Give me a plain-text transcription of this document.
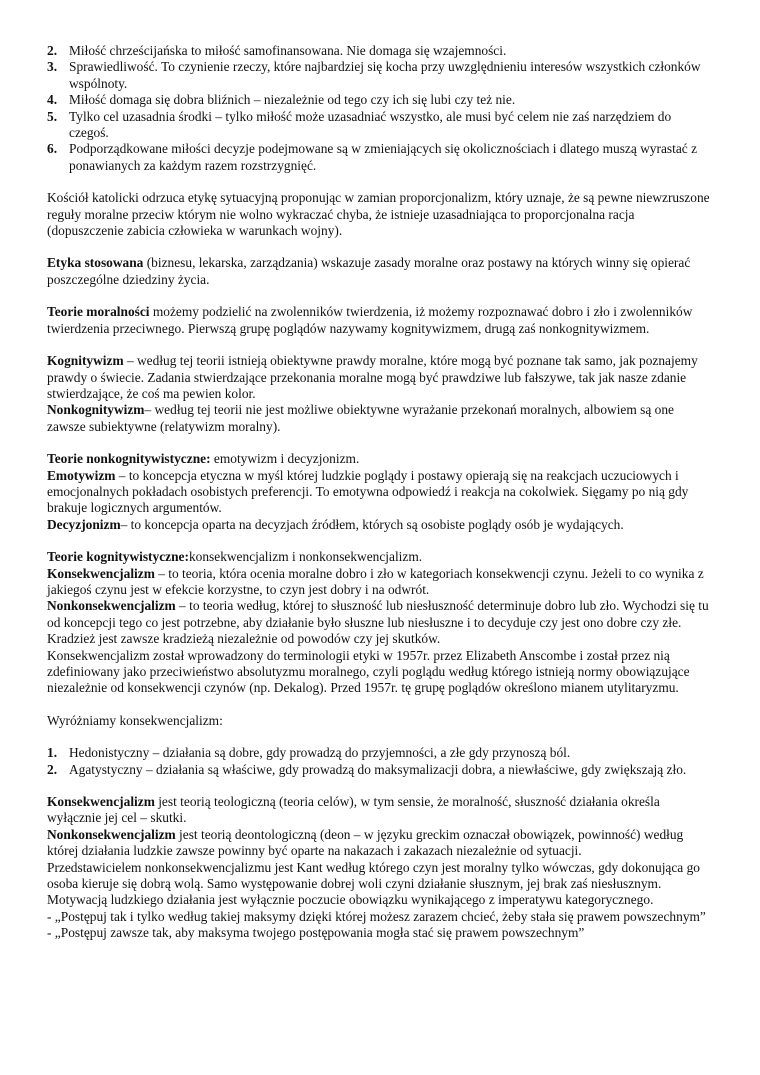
2. Miłość chrześcijańska to miłość samofinansowana. Nie domaga się wzajemności.
3. Sprawiedliwość. To czynienie rzeczy, które najbardziej się kocha przy uwzględnieniu interesów wszystkich członków wspólnoty.
4. Miłość domaga się dobra bliźnich – niezależnie od tego czy ich się lubi czy też nie.
5. Tylko cel uzasadnia środki – tylko miłość może uzasadniać wszystko, ale musi być celem nie zaś narzędziem do czegoś.
6. Podporządkowane miłości decyzje podejmowane są w zmieniających się okolicznościach i dlatego muszą wyrastać z ponawianych za każdym razem rozstrzygnięć.

Kościół katolicki odrzuca etykę sytuacyjną proponując w zamian proporcjonalizm, który uznaje, że są pewne niewzruszone reguły moralne przeciw którym nie wolno wykraczać chyba, że istnieje uzasadniająca to proporcjonalna racja (dopuszczenie zabicia człowieka w warunkach wojny).

Etyka stosowana (biznesu, lekarska, zarządzania) wskazuje zasady moralne oraz postawy na których winny się opierać poszczególne dziedziny życia.

Teorie moralności możemy podzielić na zwolenników twierdzenia, iż możemy rozpoznawać dobro i zło i zwolenników twierdzenia przeciwnego. Pierwszą grupę poglądów nazywamy kognitywizmem, drugą zaś nonkognitywizmem.

Kognitywizm – według tej teorii istnieją obiektywne prawdy moralne, które mogą być poznane tak samo, jak poznajemy prawdy o świecie. Zadania stwierdzające przekonania moralne mogą być prawdziwe lub fałszywe, tak jak nasze zdanie stwierdzające, że coś ma pewien kolor.

Nonkognitywizm– według tej teorii nie jest możliwe obiektywne wyrażanie przekonań moralnych, albowiem są one zawsze subiektywne (relatywizm moralny).

Teorie nonkognitywistyczne: emotywizm i decyzjonizm.

Emotywizm – to koncepcja etyczna w myśl której ludzkie poglądy i postawy opierają się na reakcjach uczuciowych i emocjonalnych pokładach osobistych preferencji. To emotywna odpowiedź i reakcja na cokolwiek. Sięgamy po nią gdy brakuje logicznych argumentów.

Decyzjonizm– to koncepcja oparta na decyzjach źródłem, których są osobiste poglądy osób je wydających.

Teorie kognitywistyczne:konsekwencjalizm i nonkonsekwencjalizm.

Konsekwencjalizm – to teoria, która ocenia moralne dobro i zło w kategoriach konsekwencji czynu. Jeżeli to co wynika z jakiegoś czynu jest w efekcie korzystne, to czyn jest dobry i na odwrót.

Nonkonsekwencjalizm – to teoria według, której to słuszność lub niesłuszność determinuje dobro lub zło. Wychodzi się tu od koncepcji tego co jest potrzebne, aby działanie było słuszne lub niesłuszne i to decyduje czy jest ono dobre czy złe.

Kradzież jest zawsze kradzieżą niezależnie od powodów czy jej skutków.

Konsekwencjalizm został wprowadzony do terminologii etyki w 1957r. przez Elizabeth Anscombe i został przez nią zdefiniowany jako przeciwieństwo absolutyzmu moralnego, czyli poglądu według którego istnieją normy obowiązujące niezależnie od konsekwencji czynów (np. Dekalog). Przed 1957r. tę grupę poglądów określono mianem utylitaryzmu.

Wyróżniamy konsekwencjalizm:

1. Hedonistyczny – działania są dobre, gdy prowadzą do przyjemności, a złe gdy przynoszą ból.
2. Agatystyczny – działania są właściwe, gdy prowadzą do maksymalizacji dobra, a niewłaściwe, gdy zwiększają zło.

Konsekwencjalizm jest teorią teologiczną (teoria celów), w tym sensie, że moralność, słuszność działania określa wyłącznie jej cel – skutki.

Nonkonsekwencjalizm jest teorią deontologiczną (deon – w języku greckim oznaczał obowiązek, powinność) według której działania ludzkie zawsze powinny być oparte na nakazach i zakazach niezależnie od sytuacji.

Przedstawicielem nonkonsekwencjalizmu jest Kant według którego czyn jest moralny tylko wówczas, gdy dokonująca go osoba kieruje się dobrą wolą. Samo występowanie dobrej woli czyni działanie słusznym, jej brak zaś niesłusznym. Motywacją ludzkiego działania jest wyłącznie poczucie obowiązku wynikającego z imperatywu kategorycznego.

- „Postępuj tak i tylko według takiej maksymy dzięki której możesz zarazem chcieć, żeby stała się prawem powszechnym”

- „Postępuj zawsze tak, aby maksyma twojego postępowania mogła stać się prawem powszechnym”
